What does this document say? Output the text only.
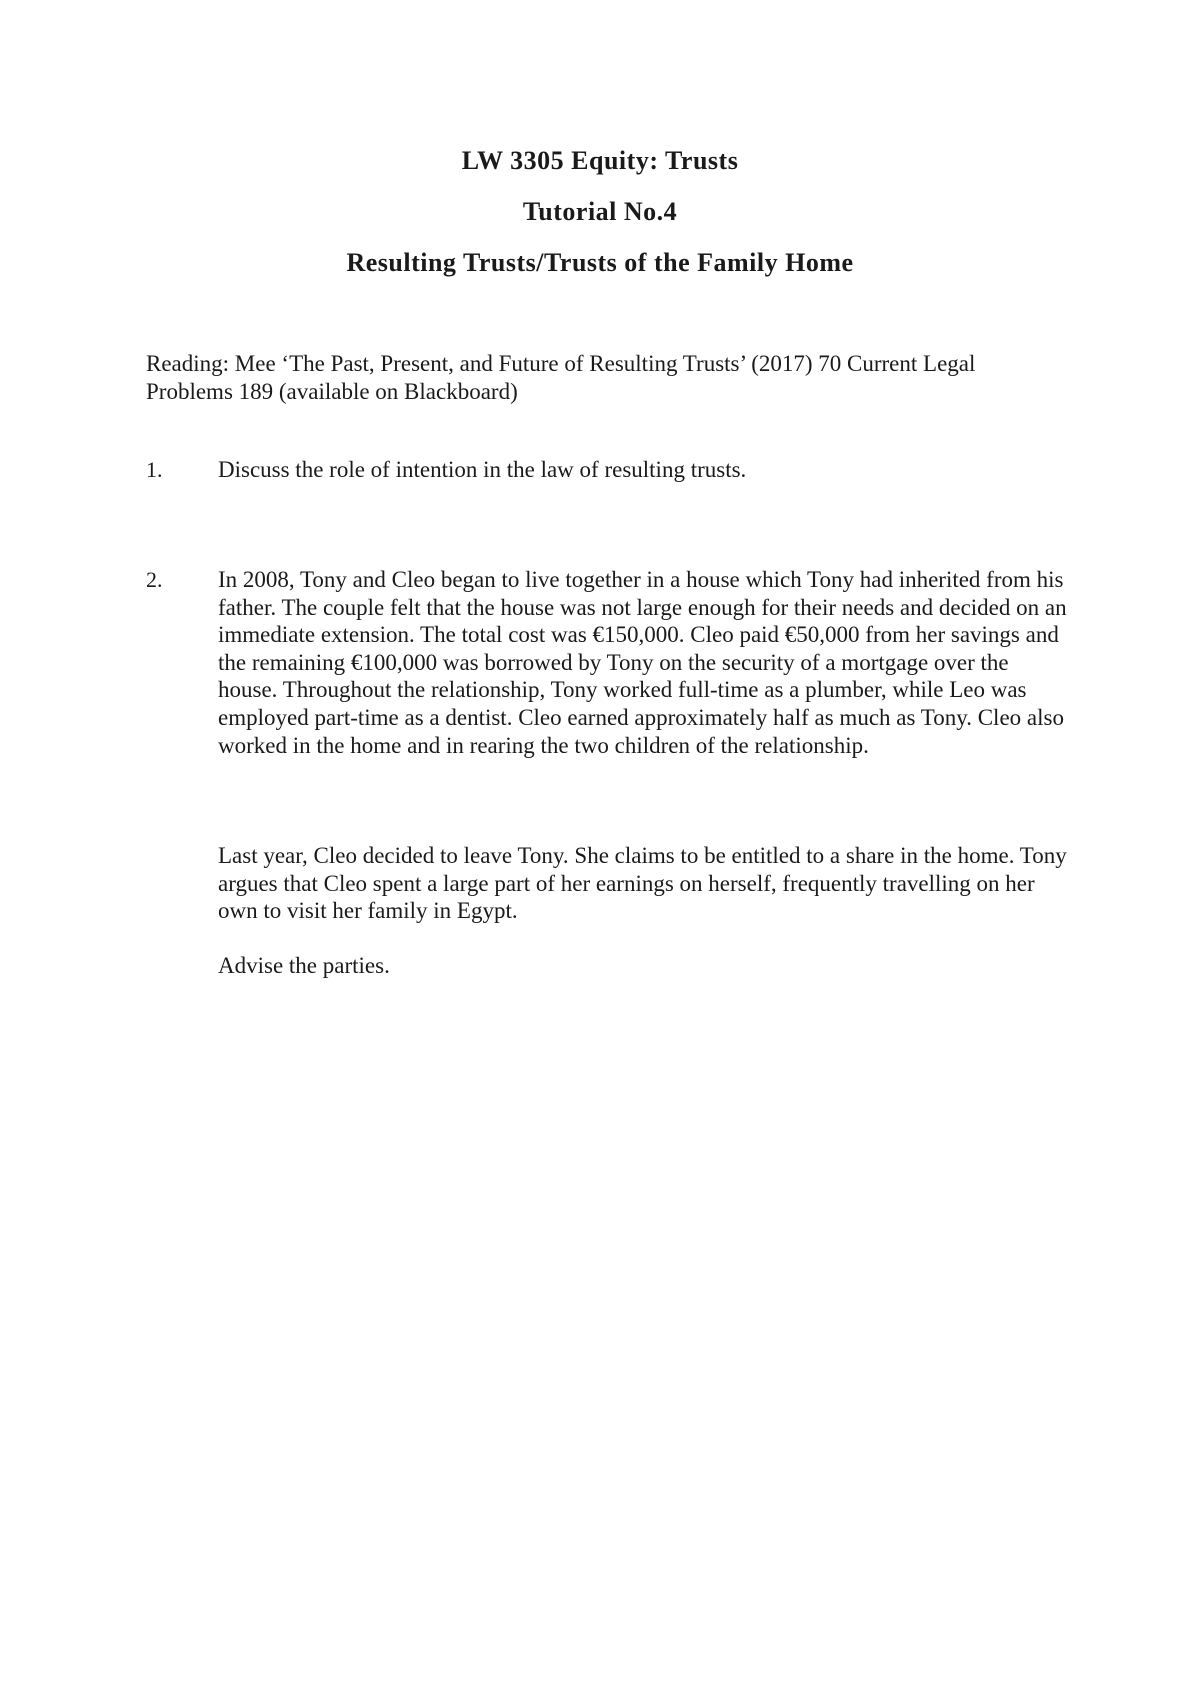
LW 3305 Equity: Trusts
Tutorial No.4
Resulting Trusts/Trusts of the Family Home
Reading: Mee ‘The Past, Present, and Future of Resulting Trusts’ (2017) 70 Current Legal Problems 189 (available on Blackboard)
1. Discuss the role of intention in the law of resulting trusts.
2. In 2008, Tony and Cleo began to live together in a house which Tony had inherited from his father. The couple felt that the house was not large enough for their needs and decided on an immediate extension. The total cost was €150,000. Cleo paid €50,000 from her savings and the remaining €100,000 was borrowed by Tony on the security of a mortgage over the house. Throughout the relationship, Tony worked full-time as a plumber, while Leo was employed part-time as a dentist. Cleo earned approximately half as much as Tony. Cleo also worked in the home and in rearing the two children of the relationship.
Last year, Cleo decided to leave Tony. She claims to be entitled to a share in the home. Tony argues that Cleo spent a large part of her earnings on herself, frequently travelling on her own to visit her family in Egypt.
Advise the parties.
